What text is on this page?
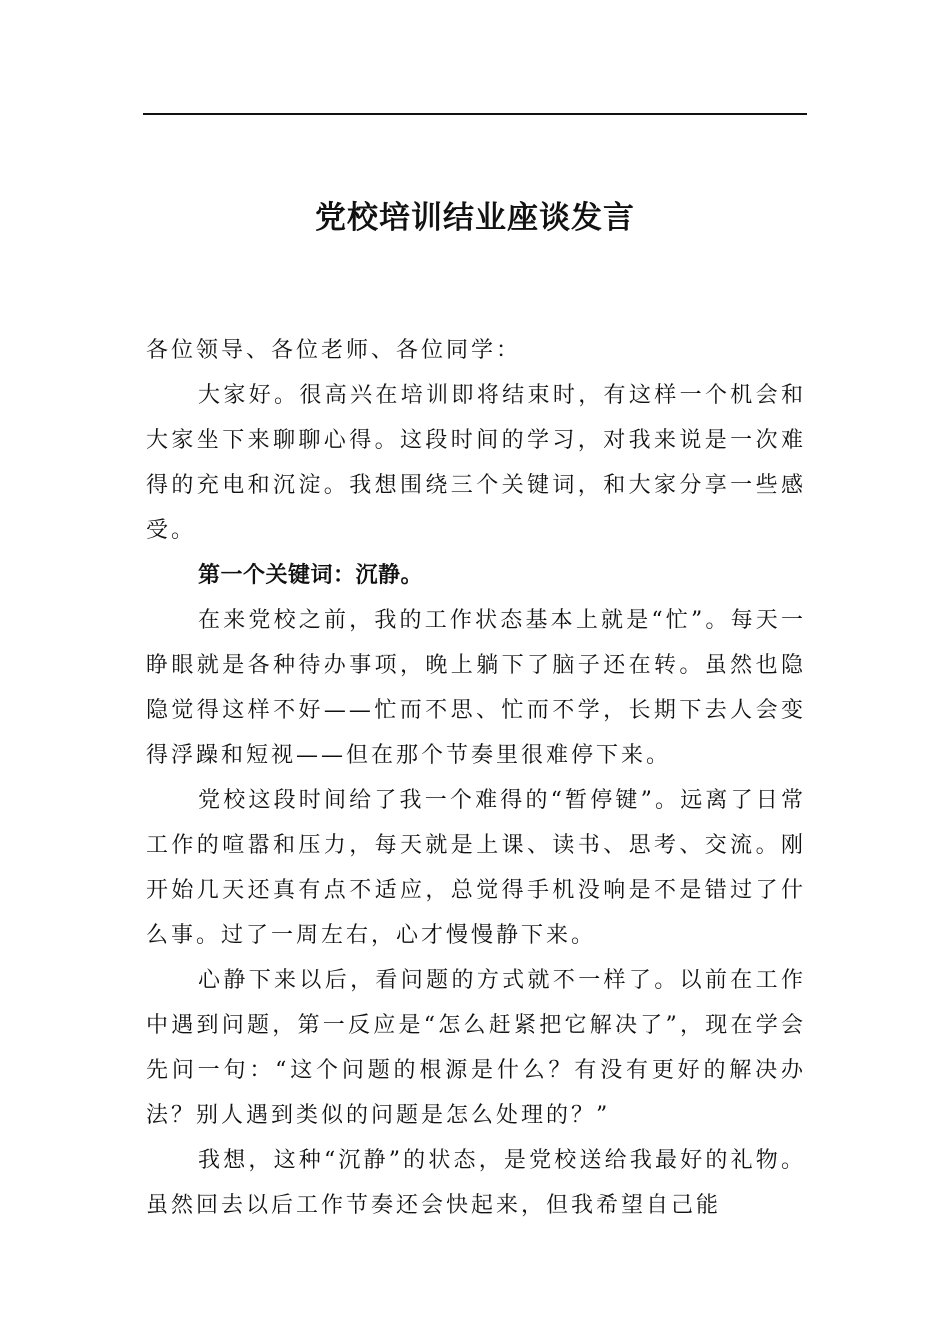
党校培训结业座谈发言

各位领导、各位老师、各位同学：

大家好。很高兴在培训即将结束时，有这样一个机会和大家坐下来聊聊心得。这段时间的学习，对我来说是一次难得的充电和沉淀。我想围绕三个关键词，和大家分享一些感受。

第一个关键词：沉静。

在来党校之前，我的工作状态基本上就是“忙”。每天一睁眼就是各种待办事项，晚上躺下了脑子还在转。虽然也隐隐觉得这样不好——忙而不思、忙而不学，长期下去人会变得浮躁和短视——但在那个节奏里很难停下来。

党校这段时间给了我一个难得的“暂停键”。远离了日常工作的喧嚣和压力，每天就是上课、读书、思考、交流。刚开始几天还真有点不适应，总觉得手机没响是不是错过了什么事。过了一周左右，心才慢慢静下来。

心静下来以后，看问题的方式就不一样了。以前在工作中遇到问题，第一反应是“怎么赶紧把它解决了”，现在学会先问一句：“这个问题的根源是什么？有没有更好的解决办法？别人遇到类似的问题是怎么处理的？”

我想，这种“沉静”的状态，是党校送给我最好的礼物。虽然回去以后工作节奏还会快起来，但我希望自己能
